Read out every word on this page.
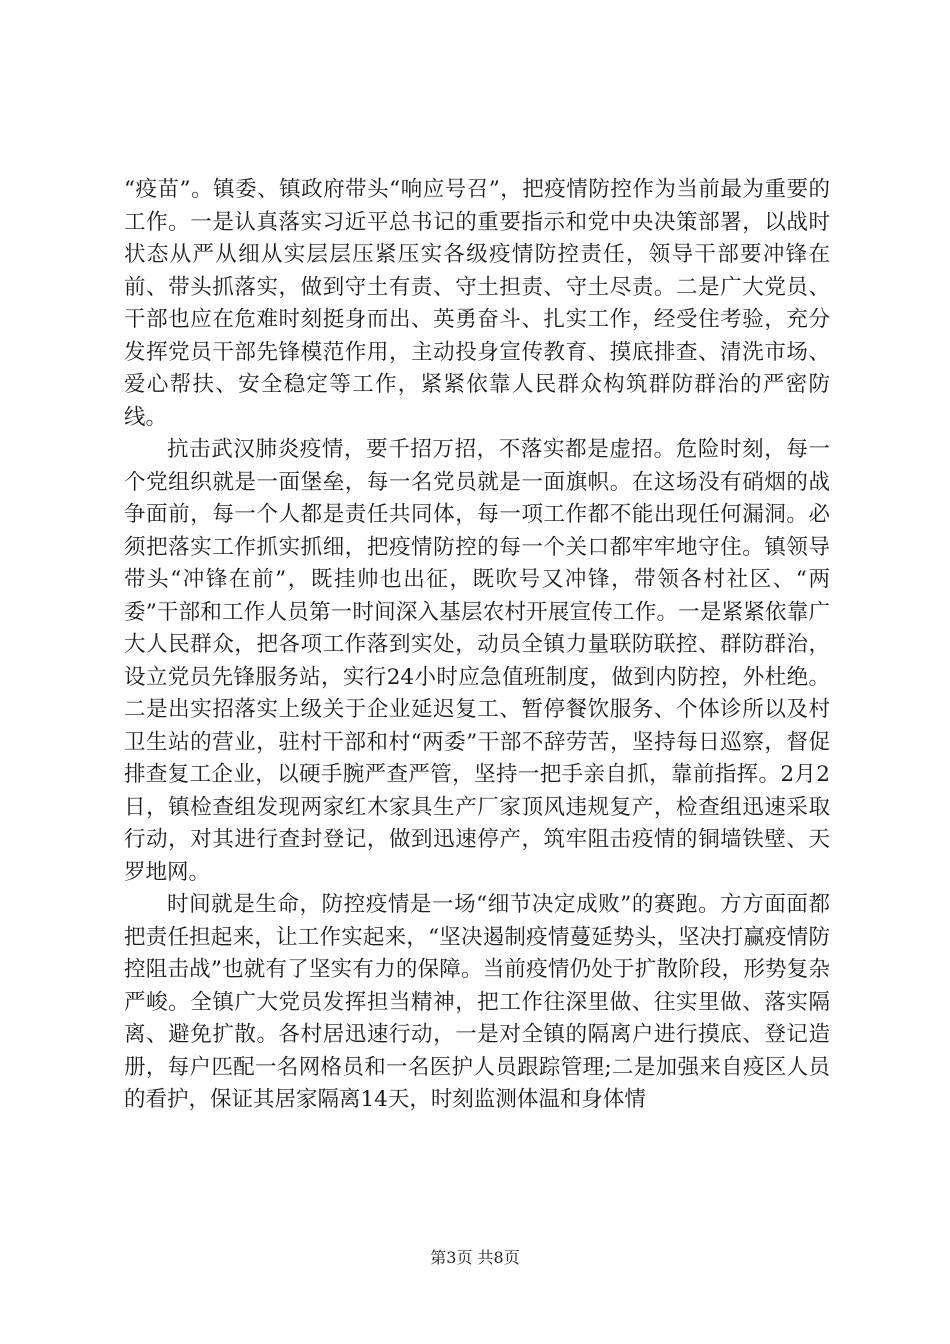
“疫苗”。镇委、镇政府带头“响应号召”，把疫情防控作为当前最为重要的工作。一是认真落实习近平总书记的重要指示和党中央决策部署，以战时状态从严从细从实层层压紧压实各级疫情防控责任，领导干部要冲锋在前、带头抓落实，做到守土有责、守土担责、守土尽责。二是广大党员、干部也应在危难时刻挺身而出、英勇奋斗、扎实工作，经受住考验，充分发挥党员干部先锋模范作用，主动投身宣传教育、摸底排查、清洗市场、爱心帮扶、安全稳定等工作，紧紧依靠人民群众构筑群防群治的严密防线。

抗击武汉肺炎疫情，要千招万招，不落实都是虚招。危险时刻，每一个党组织就是一面堡垒，每一名党员就是一面旗帜。在这场没有硝烟的战争面前，每一个人都是责任共同体，每一项工作都不能出现任何漏洞。必须把落实工作抓实抓细，把疫情防控的每一个关口都牢牢地守住。镇领导带头“冲锋在前”，既挂帅也出征，既吹号又冲锋，带领各村社区、“两委”干部和工作人员第一时间深入基层农村开展宣传工作。一是紧紧依靠广大人民群众，把各项工作落到实处，动员全镇力量联防联控、群防群治，设立党员先锋服务站，实行24小时应急值班制度，做到内防控，外杜绝。二是出实招落实上级关于企业延迟复工、暂停餐饮服务、个体诊所以及村卫生站的营业，驻村干部和村“两委”干部不辞劳苦，坚持每日巡察，督促排查复工企业，以硬手腕严查严管，坚持一把手亲自抓，靠前指挥。2月2日，镇检查组发现两家红木家具生产厂家顶风违规复产，检查组迅速采取行动，对其进行查封登记，做到迅速停产，筑牢阻击疫情的铜墙铁壁、天罗地网。

时间就是生命，防控疫情是一场“细节决定成败”的赛跑。方方面面都把责任担起来，让工作实起来，“坚决遏制疫情蔓延势头，坚决打赢疫情防控阻击战”也就有了坚实有力的保障。当前疫情仍处于扩散阶段，形势复杂严峻。全镇广大党员发挥担当精神，把工作往深里做、往实里做、落实隔离、避免扩散。各村居迅速行动，一是对全镇的隔离户进行摸底、登记造册，每户匹配一名网格员和一名医护人员跟踪管理;二是加强来自疫区人员的看护，保证其居家隔离14天，时刻监测体温和身体情

第3页 共8页
